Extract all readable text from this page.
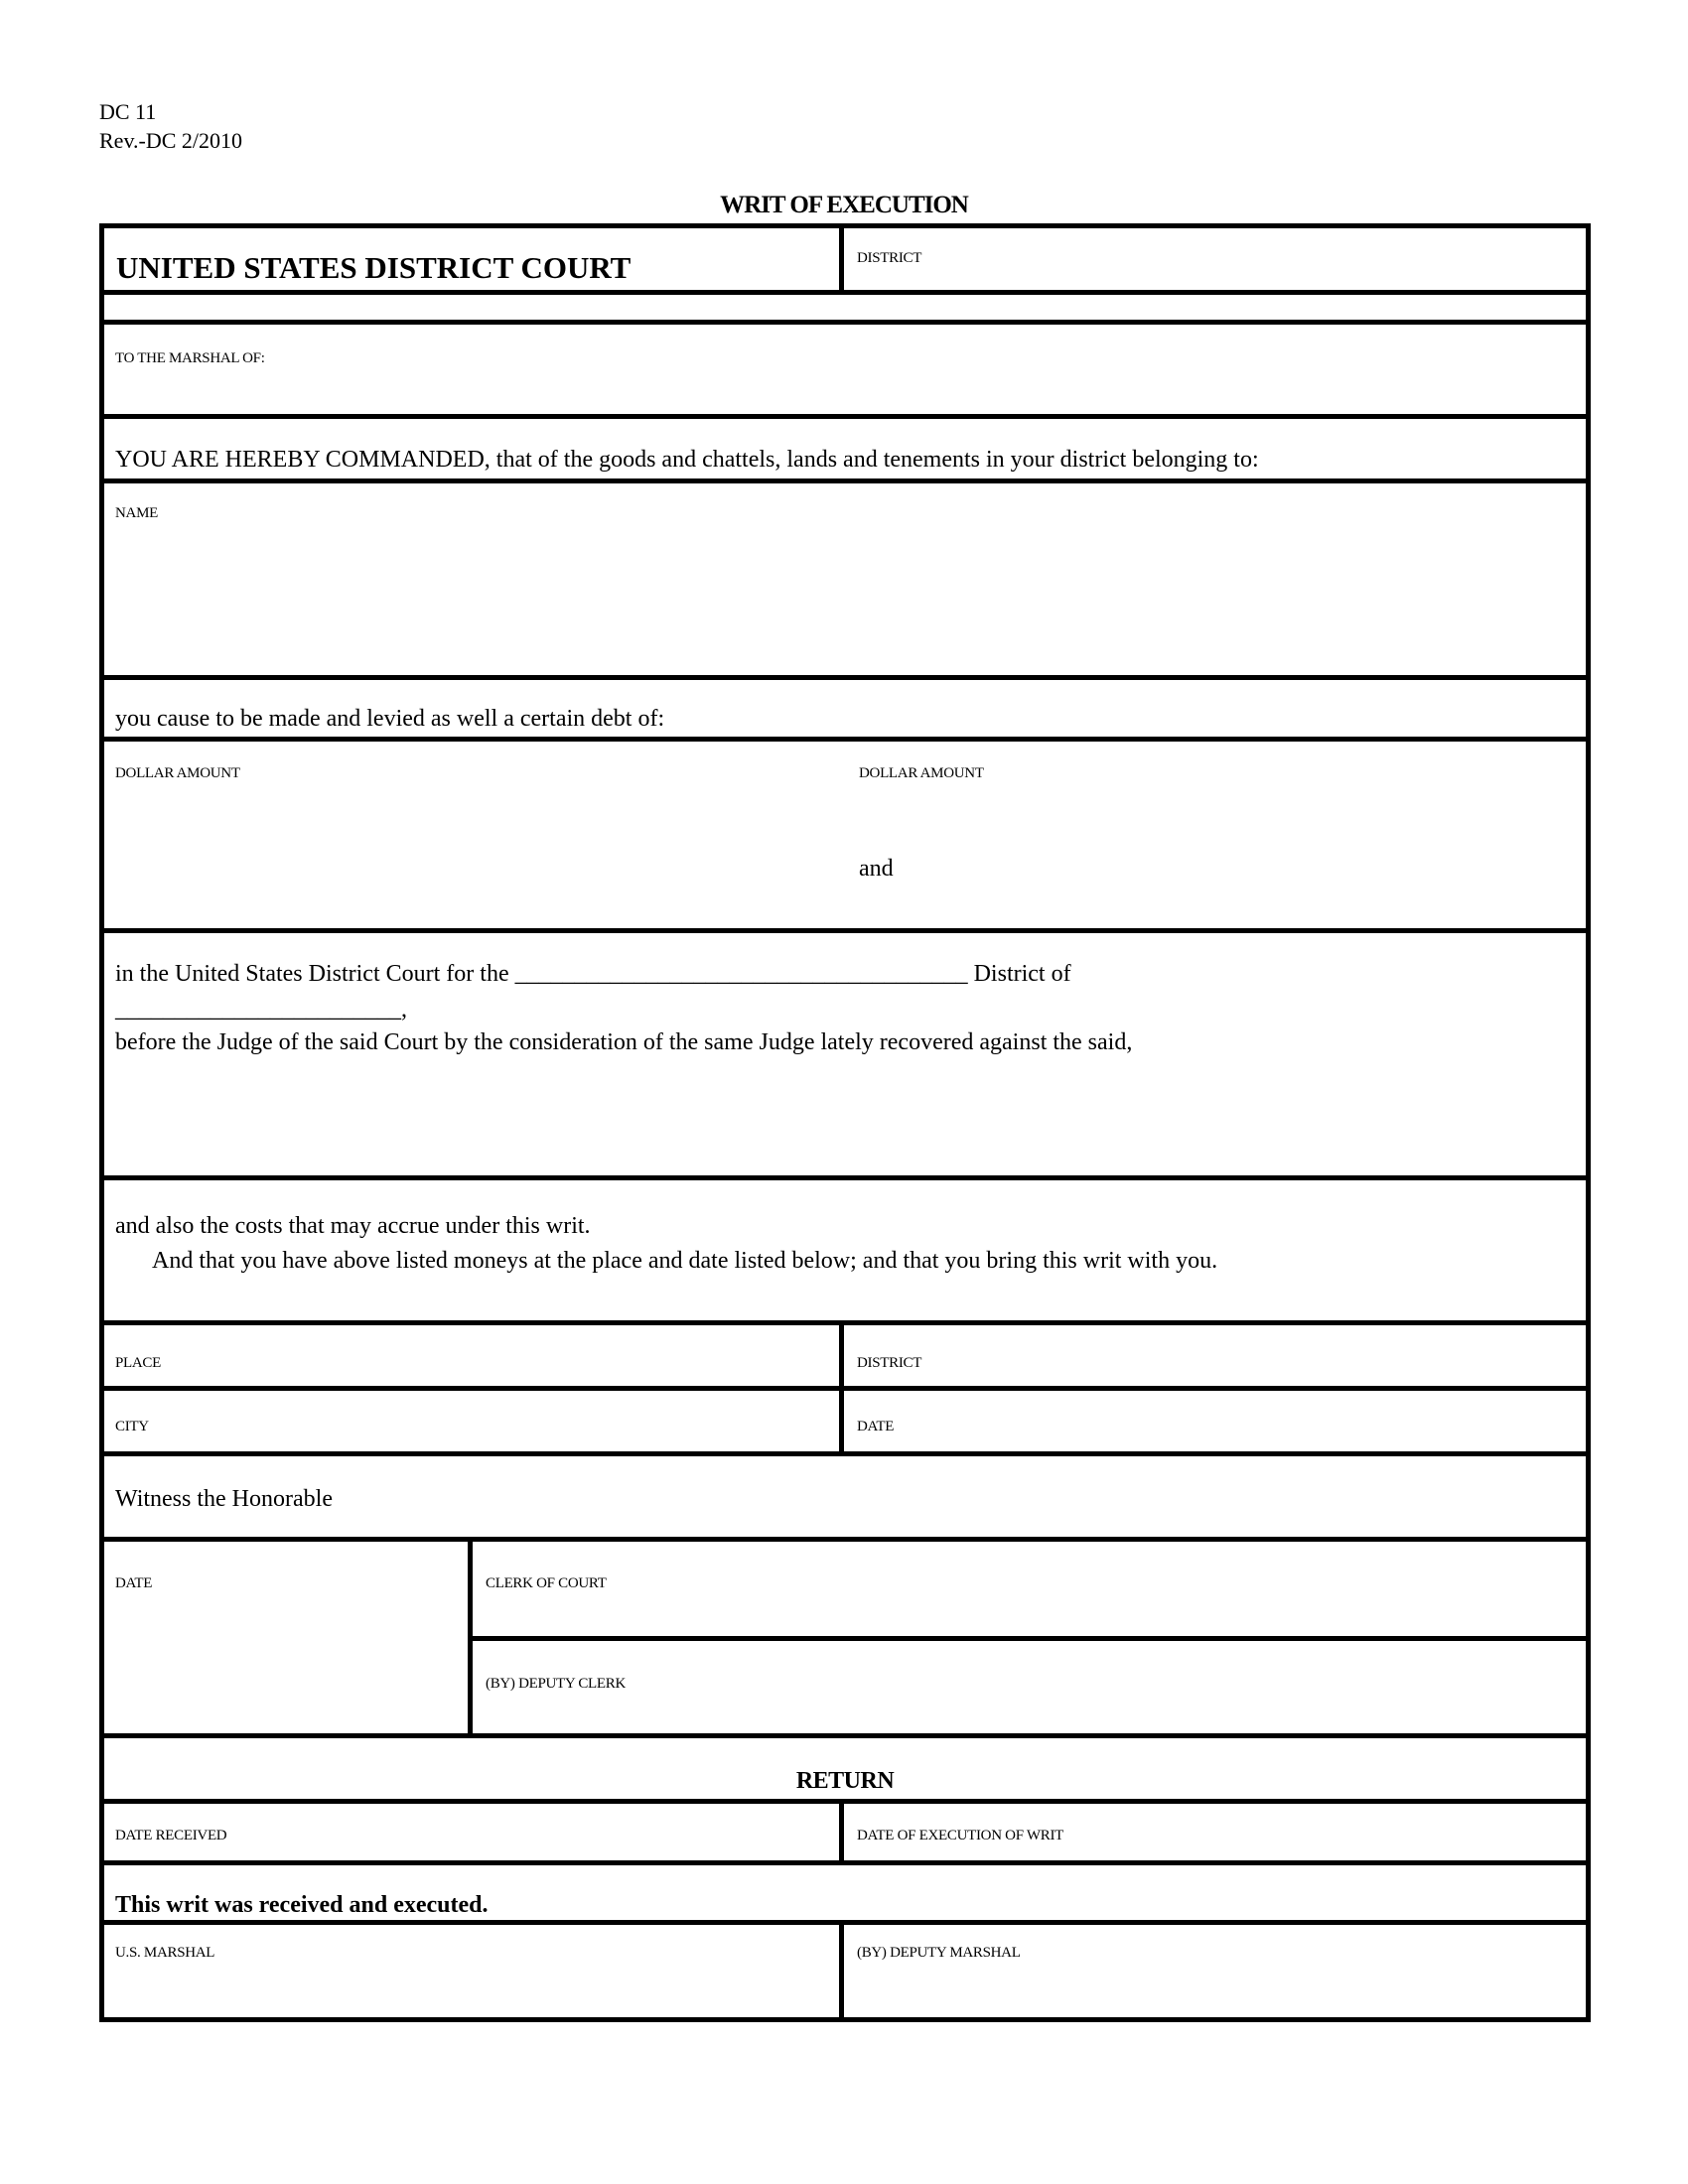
DC 11
Rev.-DC 2/2010
WRIT OF EXECUTION
UNITED STATES DISTRICT COURT	DISTRICT
TO THE MARSHAL OF:
YOU ARE HEREBY COMMANDED, that of the goods and chattels, lands and tenements in your district belonging to:
NAME
you cause to be made and levied as well a certain debt of:
DOLLAR AMOUNT	DOLLAR AMOUNT
and
in the United States District Court for the ______________________________________ District of
________________________,
before the Judge of the said Court by the consideration of the same Judge lately recovered against the said,
and also the costs that may accrue under this writ.
And that you have above listed moneys at the place and date listed below; and that you bring this writ with you.
PLACE	DISTRICT
CITY	DATE
Witness the Honorable
DATE	CLERK OF COURT
(BY) DEPUTY CLERK
RETURN
DATE RECEIVED	DATE OF EXECUTION OF WRIT
This writ was received and executed.
U.S. MARSHAL	(BY) DEPUTY MARSHAL
